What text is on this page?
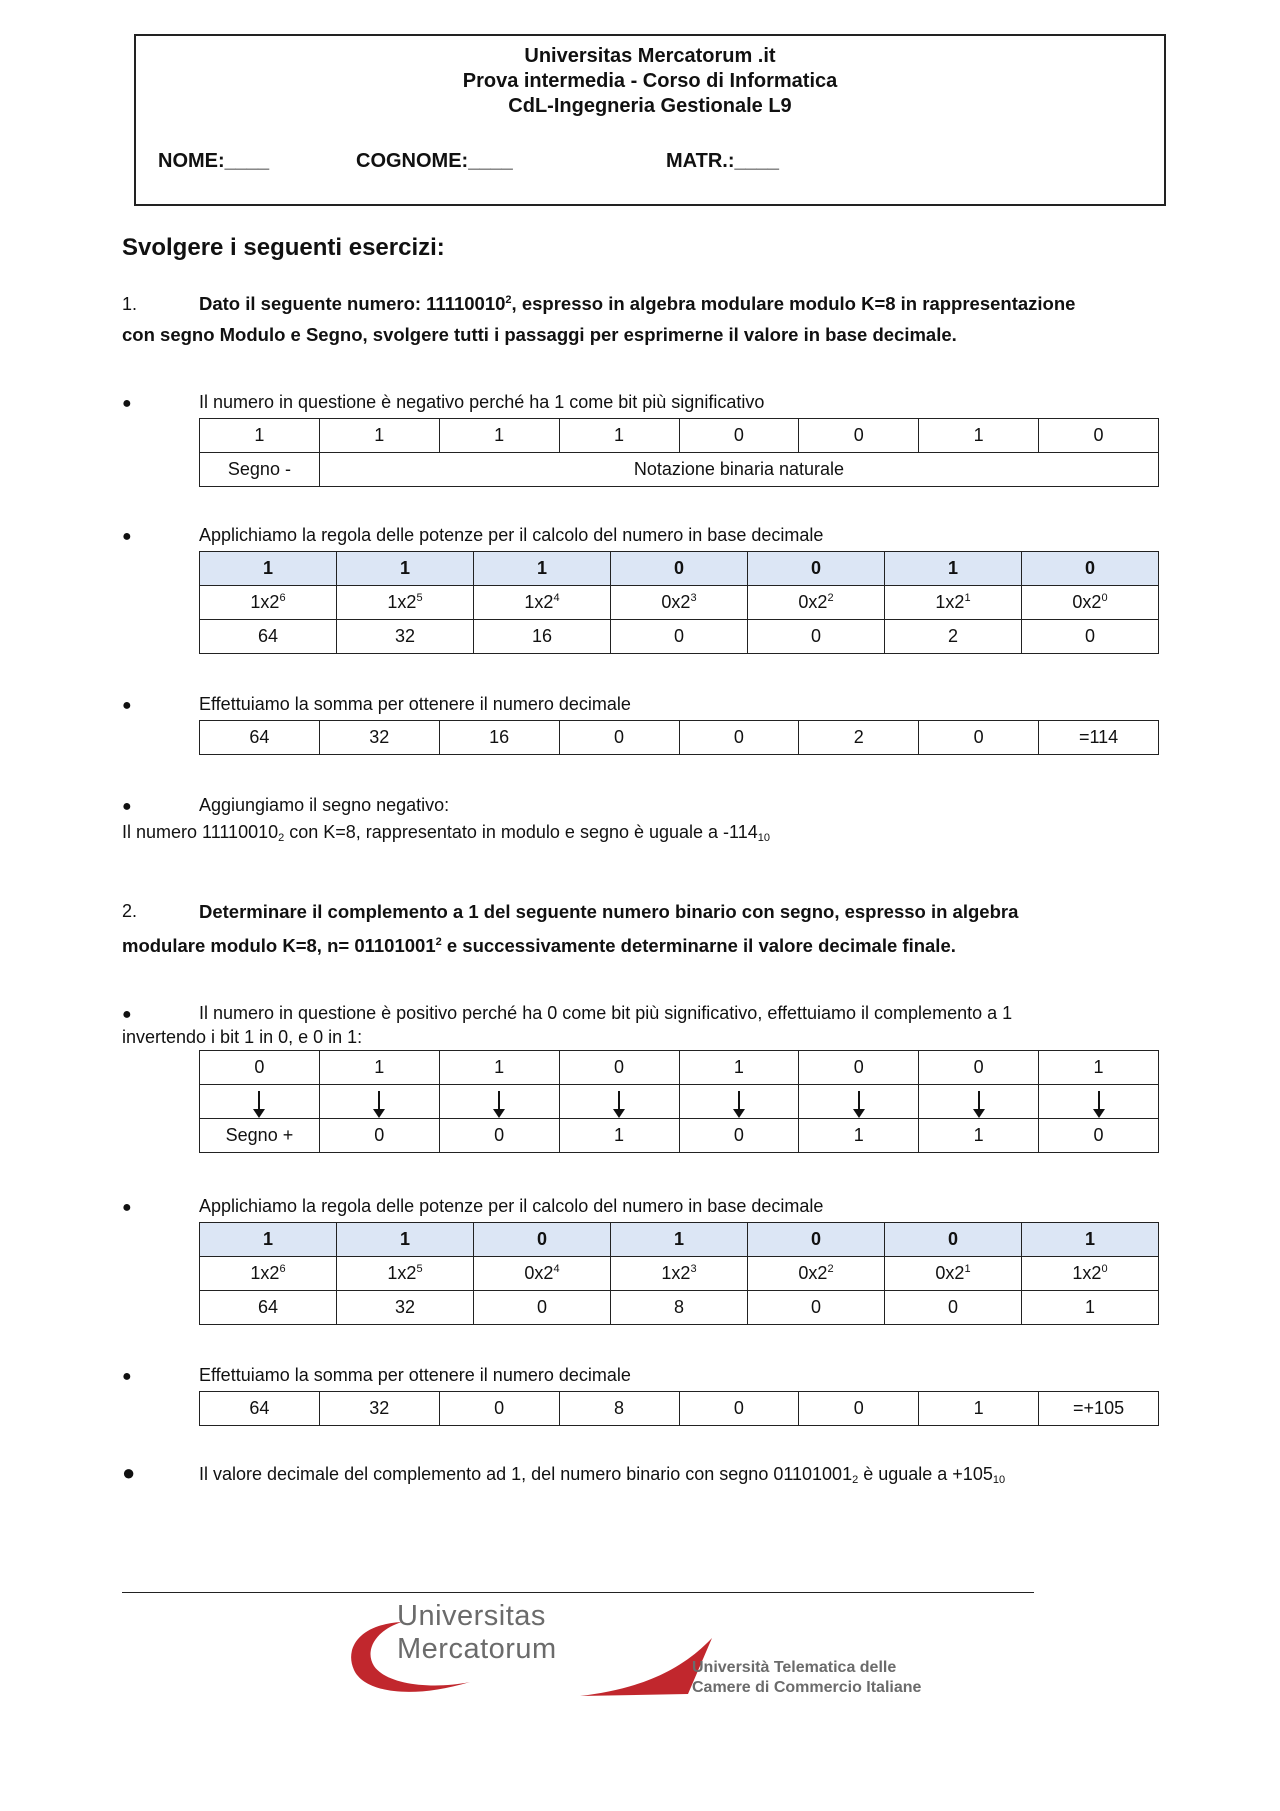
Universitas Mercatorum .it
Prova intermedia - Corso di Informatica
CdL-Ingegneria Gestionale L9
NOME:____	COGNOME:____	MATR.:____
Svolgere i seguenti esercizi:
1.	Dato il seguente numero: 11110010$^2$, espresso in algebra modulare modulo K=8 in rappresentazione
con segno Modulo e Segno, svolgere tutti i passaggi per esprimerne il valore in base decimale.
●	Il numero in questione è negativo perché ha 1 come bit più significativo
1	1	1	1	0	0	1	0
Segno -	Notazione binaria naturale						
●	Applichiamo la regola delle potenze per il calcolo del numero in base decimale
1	1	1	0	0	1	0
$1x2^6$	$1x2^5$	$1x2^4$	$0x2^3$	$0x2^2$	$1x2^1$	$0x2^0$
64	32	16	0	0	2	0
●	Effettuiamo la somma per ottenere il numero decimale
64	32	16	0	0	2	0	=114
●	Aggiungiamo il segno negativo:
Il numero $11110010_2$ con K=8, rappresentato in modulo e segno è uguale a $-114_{10}$
2.	Determinare il complemento a 1 del seguente numero binario con segno, espresso in algebra
modulare modulo K=8, $n= 01101001^2$ e successivamente determinarne il valore decimale finale.
●	Il numero in questione è positivo perché ha 0 come bit più significativo, effettuiamo il complemento a 1
invertendo i bit 1 in 0, e 0 in 1:
0	1	1	0	1	0	0	1

Segno +	0	0	1	0	1	1	0
●	Applichiamo la regola delle potenze per il calcolo del numero in base decimale
1	1	0	1	0	0	1
$1x2^6$	$1x2^5$	$0x2^4$	$1x2^3$	$0x2^2$	$0x2^1$	$1x2^0$
64	32	0	8	0	0	1
●	Effettuiamo la somma per ottenere il numero decimale
64	32	0	8	0	0	1	=+105
●	Il valore decimale del complemento ad 1, del numero binario con segno $01101001_2$ è uguale $a +105_{10}$
Universitas
Mercatorum
Università Telematica delle
Camere di Commercio Italiane
